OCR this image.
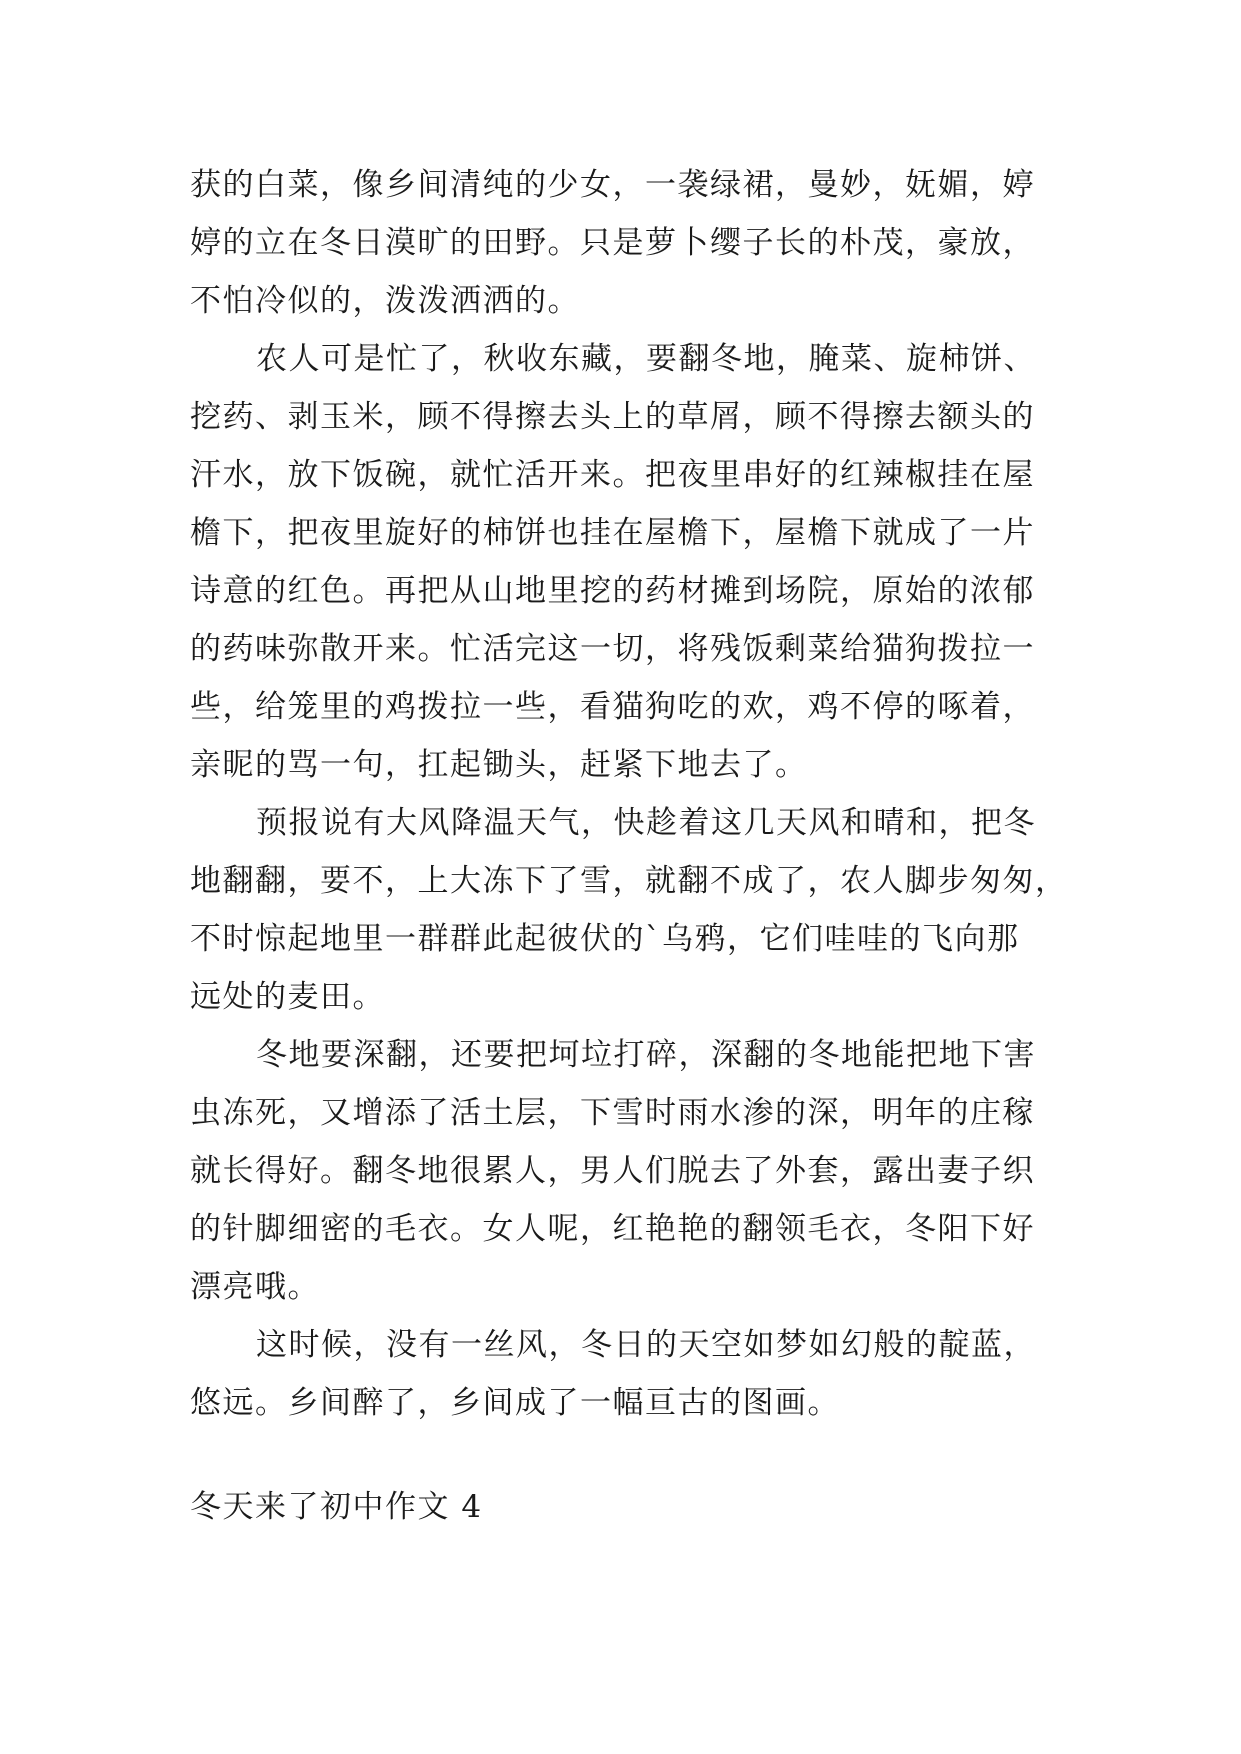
获的白菜，像乡间清纯的少女，一袭绿裙，曼妙，妩媚，婷
婷的立在冬日漠旷的田野。只是萝卜缨子长的朴茂，豪放，
不怕冷似的，泼泼洒洒的。
农人可是忙了，秋收东藏，要翻冬地，腌菜、旋柿饼、
挖药、剥玉米，顾不得擦去头上的草屑，顾不得擦去额头的
汗水，放下饭碗，就忙活开来。把夜里串好的红辣椒挂在屋
檐下，把夜里旋好的柿饼也挂在屋檐下，屋檐下就成了一片
诗意的红色。再把从山地里挖的药材摊到场院，原始的浓郁
的药味弥散开来。忙活完这一切，将残饭剩菜给猫狗拨拉一
些，给笼里的鸡拨拉一些，看猫狗吃的欢，鸡不停的啄着，
亲昵的骂一句，扛起锄头，赶紧下地去了。
预报说有大风降温天气，快趁着这几天风和晴和，把冬
地翻翻，要不，上大冻下了雪，就翻不成了，农人脚步匆匆，
不时惊起地里一群群此起彼伏的`乌鸦，它们哇哇的飞向那
远处的麦田。
冬地要深翻，还要把坷垃打碎，深翻的冬地能把地下害
虫冻死，又增添了活土层，下雪时雨水渗的深，明年的庄稼
就长得好。翻冬地很累人，男人们脱去了外套，露出妻子织
的针脚细密的毛衣。女人呢，红艳艳的翻领毛衣，冬阳下好
漂亮哦。
这时候，没有一丝风，冬日的天空如梦如幻般的靛蓝，
悠远。乡间醉了，乡间成了一幅亘古的图画。
冬天来了初中作文 4
